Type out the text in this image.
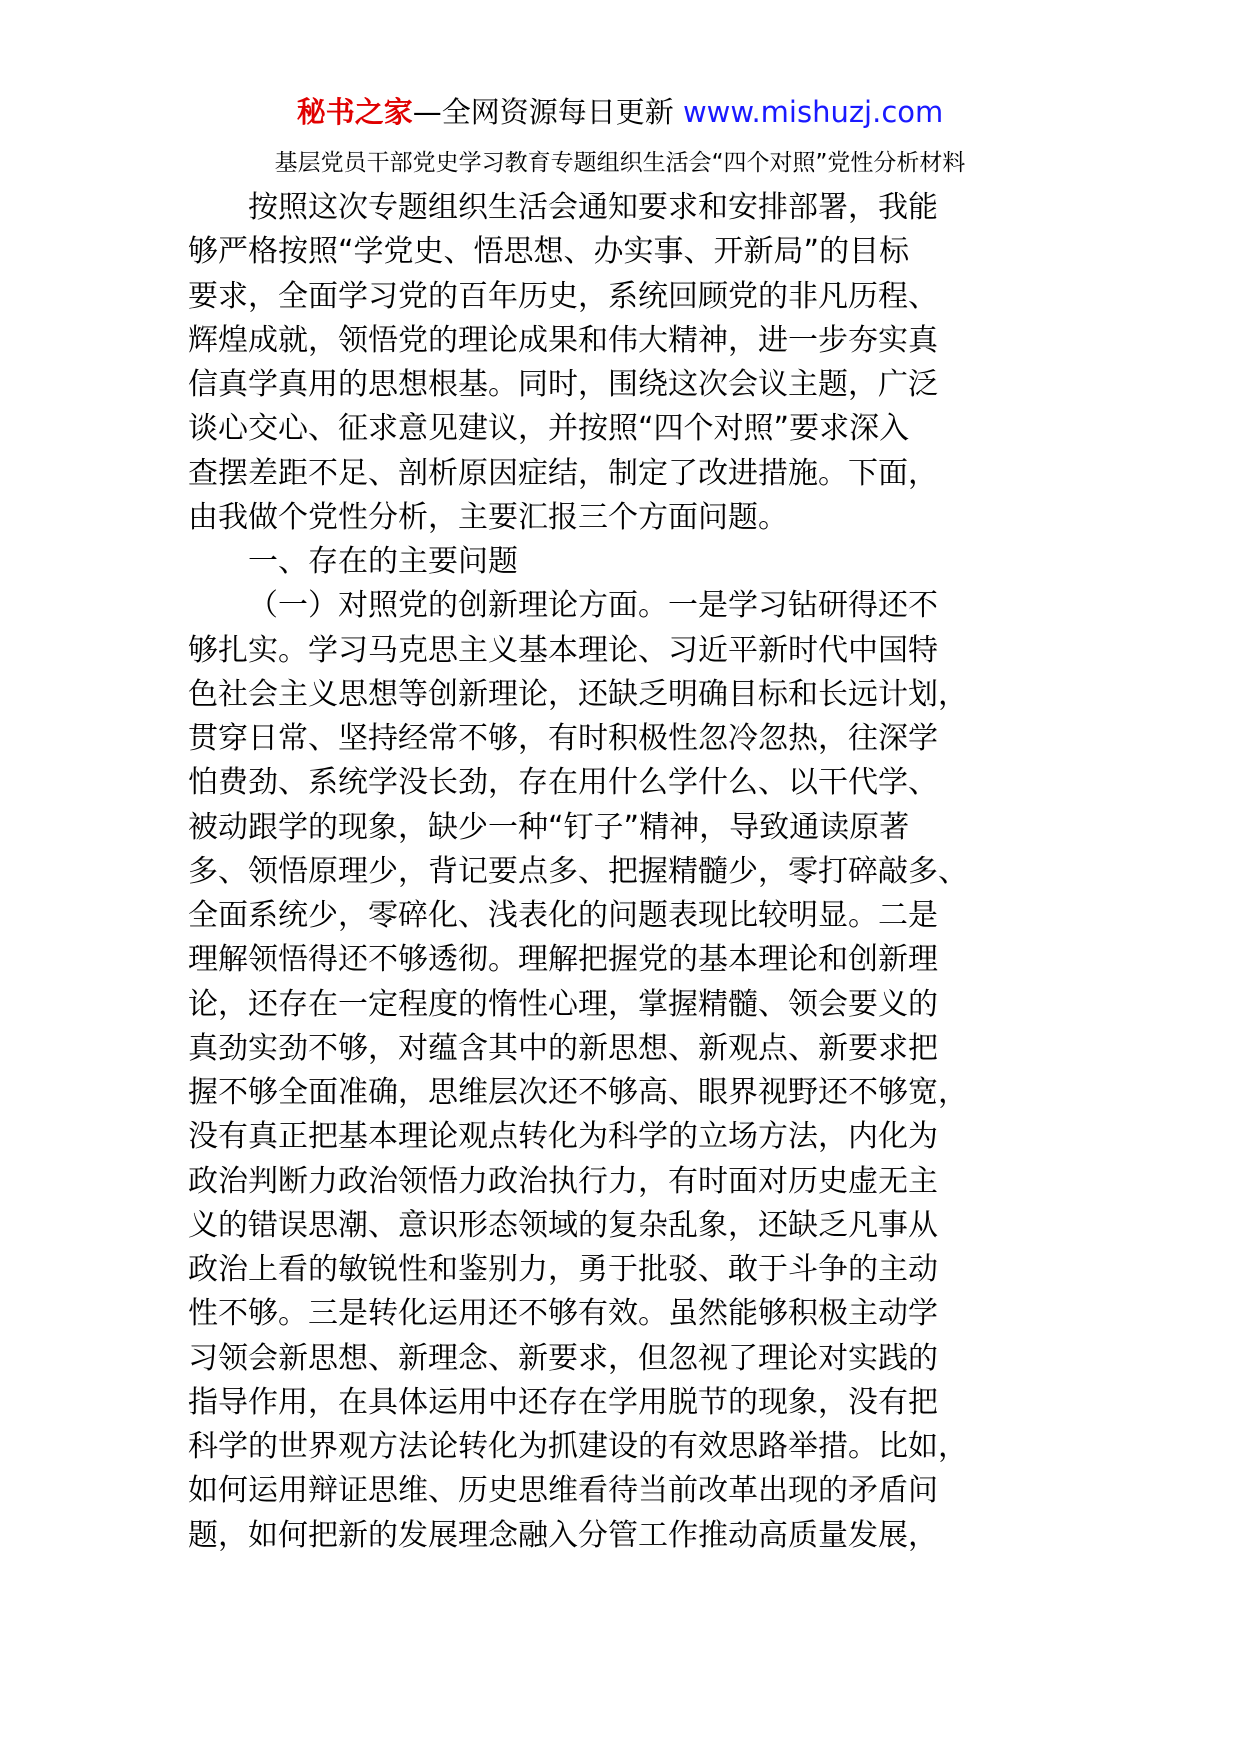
秘书之家—全网资源每日更新 www.mishuzj.com
基层党员干部党史学习教育专题组织生活会“四个对照”党性分析材料
按照这次专题组织生活会通知要求和安排部署，我能
够严格按照“学党史、悟思想、办实事、开新局”的目标
要求，全面学习党的百年历史，系统回顾党的非凡历程、
辉煌成就，领悟党的理论成果和伟大精神，进一步夯实真
信真学真用的思想根基。同时，围绕这次会议主题，广泛
谈心交心、征求意见建议，并按照“四个对照”要求深入
查摆差距不足、剖析原因症结，制定了改进措施。下面，
由我做个党性分析，主要汇报三个方面问题。
一、存在的主要问题
（一）对照党的创新理论方面。一是学习钻研得还不
够扎实。学习马克思主义基本理论、习近平新时代中国特
色社会主义思想等创新理论，还缺乏明确目标和长远计划，
贯穿日常、坚持经常不够，有时积极性忽冷忽热，往深学
怕费劲、系统学没长劲，存在用什么学什么、以干代学、
被动跟学的现象，缺少一种“钉子”精神，导致通读原著
多、领悟原理少，背记要点多、把握精髓少，零打碎敲多、
全面系统少，零碎化、浅表化的问题表现比较明显。二是
理解领悟得还不够透彻。理解把握党的基本理论和创新理
论，还存在一定程度的惰性心理，掌握精髓、领会要义的
真劲实劲不够，对蕴含其中的新思想、新观点、新要求把
握不够全面准确，思维层次还不够高、眼界视野还不够宽，
没有真正把基本理论观点转化为科学的立场方法，内化为
政治判断力政治领悟力政治执行力，有时面对历史虚无主
义的错误思潮、意识形态领域的复杂乱象，还缺乏凡事从
政治上看的敏锐性和鉴别力，勇于批驳、敢于斗争的主动
性不够。三是转化运用还不够有效。虽然能够积极主动学
习领会新思想、新理念、新要求，但忽视了理论对实践的
指导作用，在具体运用中还存在学用脱节的现象，没有把
科学的世界观方法论转化为抓建设的有效思路举措。比如，
如何运用辩证思维、历史思维看待当前改革出现的矛盾问
题，如何把新的发展理念融入分管工作推动高质量发展，
